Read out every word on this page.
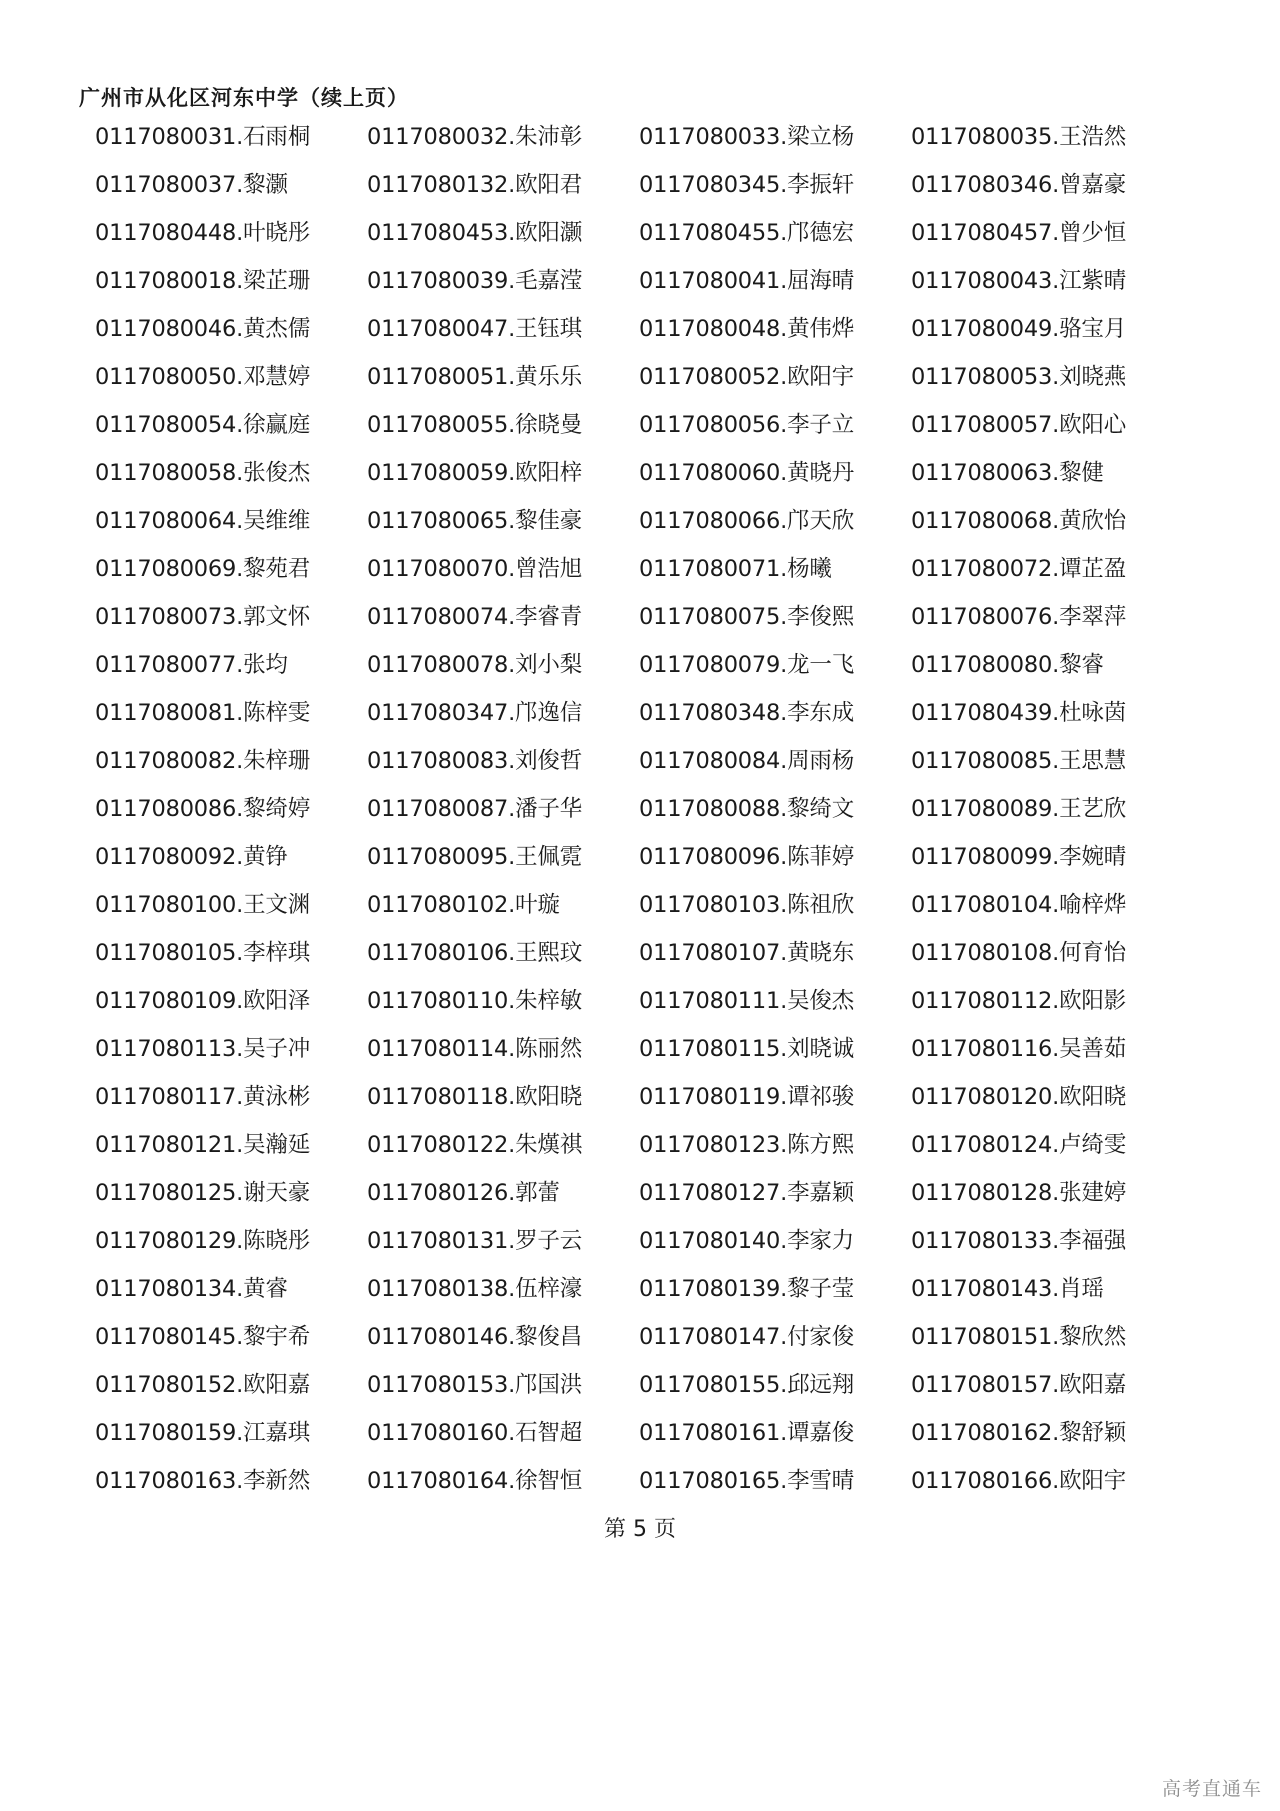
广州市从化区河东中学（续上页）
0117080031.石雨桐	0117080032.朱沛彰	0117080033.梁立杨	0117080035.王浩然
0117080037.黎灏	0117080132.欧阳君	0117080345.李振轩	0117080346.曾嘉豪
0117080448.叶晓彤	0117080453.欧阳灏	0117080455.邝德宏	0117080457.曾少恒
0117080018.梁芷珊	0117080039.毛嘉滢	0117080041.屈海晴	0117080043.江紫晴
0117080046.黄杰儒	0117080047.王钰琪	0117080048.黄伟烨	0117080049.骆宝月
0117080050.邓慧婷	0117080051.黄乐乐	0117080052.欧阳宇	0117080053.刘晓燕
0117080054.徐赢庭	0117080055.徐晓曼	0117080056.李子立	0117080057.欧阳心
0117080058.张俊杰	0117080059.欧阳梓	0117080060.黄晓丹	0117080063.黎健
0117080064.吴维维	0117080065.黎佳豪	0117080066.邝天欣	0117080068.黄欣怡
0117080069.黎苑君	0117080070.曾浩旭	0117080071.杨曦	0117080072.谭芷盈
0117080073.郭文怀	0117080074.李睿青	0117080075.李俊熙	0117080076.李翠萍
0117080077.张均	0117080078.刘小梨	0117080079.龙一飞	0117080080.黎睿
0117080081.陈梓雯	0117080347.邝逸信	0117080348.李东成	0117080439.杜咏茵
0117080082.朱梓珊	0117080083.刘俊哲	0117080084.周雨杨	0117080085.王思慧
0117080086.黎绮婷	0117080087.潘子华	0117080088.黎绮文	0117080089.王艺欣
0117080092.黄铮	0117080095.王佩霓	0117080096.陈菲婷	0117080099.李婉晴
0117080100.王文渊	0117080102.叶璇	0117080103.陈祖欣	0117080104.喻梓烨
0117080105.李梓琪	0117080106.王熙玟	0117080107.黄晓东	0117080108.何育怡
0117080109.欧阳泽	0117080110.朱梓敏	0117080111.吴俊杰	0117080112.欧阳影
0117080113.吴子冲	0117080114.陈丽然	0117080115.刘晓诚	0117080116.吴善茹
0117080117.黄泳彬	0117080118.欧阳晓	0117080119.谭祁骏	0117080120.欧阳晓
0117080121.吴瀚延	0117080122.朱熯祺	0117080123.陈方熙	0117080124.卢绮雯
0117080125.谢天豪	0117080126.郭蕾	0117080127.李嘉颖	0117080128.张建婷
0117080129.陈晓彤	0117080131.罗子云	0117080140.李家力	0117080133.李福强
0117080134.黄睿	0117080138.伍梓濠	0117080139.黎子莹	0117080143.肖瑶
0117080145.黎宇希	0117080146.黎俊昌	0117080147.付家俊	0117080151.黎欣然
0117080152.欧阳嘉	0117080153.邝国洪	0117080155.邱远翔	0117080157.欧阳嘉
0117080159.江嘉琪	0117080160.石智超	0117080161.谭嘉俊	0117080162.黎舒颖
0117080163.李新然	0117080164.徐智恒	0117080165.李雪晴	0117080166.欧阳宇
第 5 页
高考直通车
